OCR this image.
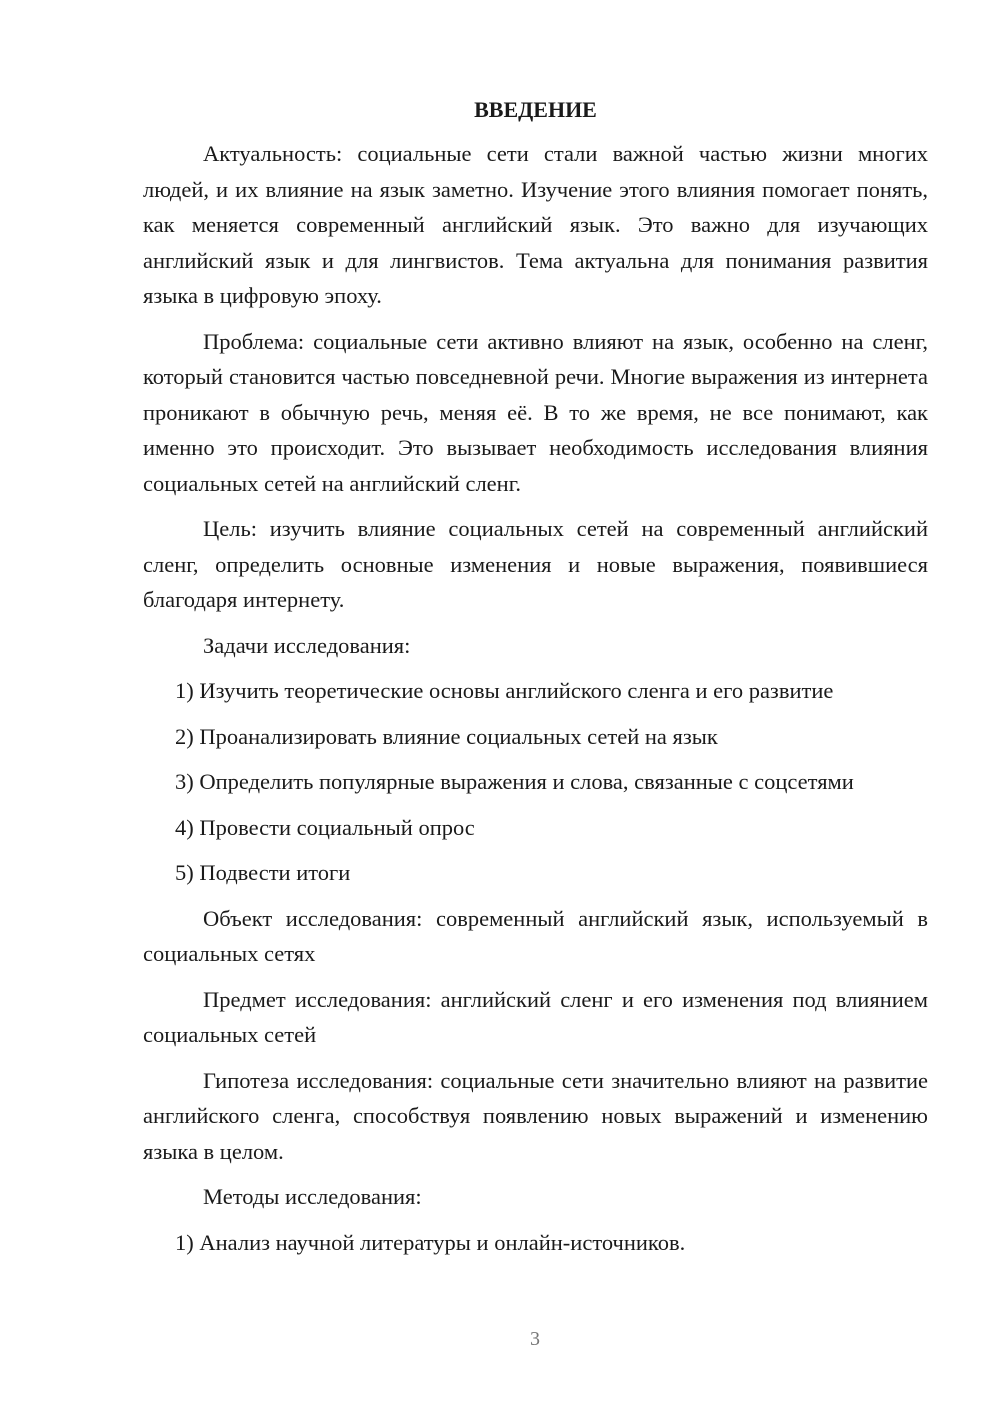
ВВЕДЕНИЕ

Актуальность: социальные сети стали важной частью жизни многих людей, и их влияние на язык заметно. Изучение этого влияния помогает понять, как меняется современный английский язык. Это важно для изучающих английский язык и для лингвистов. Тема актуальна для понимания развития языка в цифровую эпоху.

Проблема: социальные сети активно влияют на язык, особенно на сленг, который становится частью повседневной речи. Многие выражения из интернета проникают в обычную речь, меняя её. В то же время, не все понимают, как именно это происходит. Это вызывает необходимость исследования влияния социальных сетей на английский сленг.

Цель: изучить влияние социальных сетей на современный английский сленг, определить основные изменения и новые выражения, появившиеся благодаря интернету.

Задачи исследования:

1) Изучить теоретические основы английского сленга и его развитие

2) Проанализировать влияние социальных сетей на язык

3) Определить популярные выражения и слова, связанные с соцсетями

4) Провести социальный опрос

5) Подвести итоги

Объект исследования: современный английский язык, используемый в социальных сетях

Предмет исследования: английский сленг и его изменения под влиянием социальных сетей

Гипотеза исследования: социальные сети значительно влияют на развитие английского сленга, способствуя появлению новых выражений и изменению языка в целом.

Методы исследования:

1) Анализ научной литературы и онлайн-источников.

3
